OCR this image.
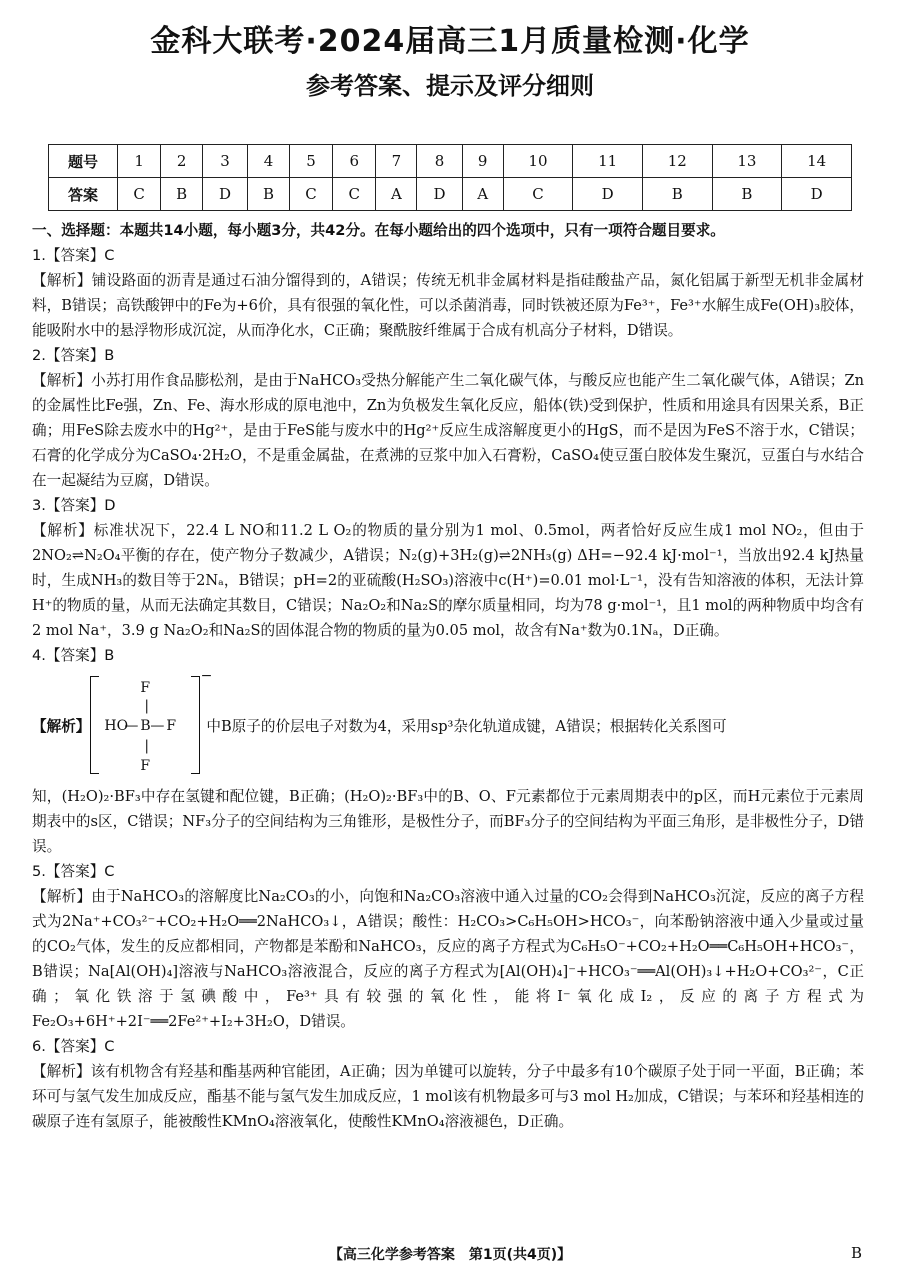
金科大联考·2024届高三1月质量检测·化学
参考答案、提示及评分细则
题号	1	2	3	4	5	6	7	8	9	10	11	12	13	14
答案	C	B	D	B	C	C	A	D	A	C	D	B	B	D

一、选择题：本题共14小题，每小题3分，共42分。在每小题给出的四个选项中，只有一项符合题目要求。

1.【答案】C

【解析】铺设路面的沥青是通过石油分馏得到的，A错误；传统无机非金属材料是指硅酸盐产品，氮化铝属于新型无机非金属材料，B错误；高铁酸钾中的Fe为+6价，具有很强的氧化性，可以杀菌消毒，同时铁被还原为Fe³⁺，Fe³⁺水解生成Fe(OH)₃胶体，能吸附水中的悬浮物形成沉淀，从而净化水，C正确；聚酰胺纤维属于合成有机高分子材料，D错误。

2.【答案】B

【解析】小苏打用作食品膨松剂，是由于NaHCO₃受热分解能产生二氧化碳气体，与酸反应也能产生二氧化碳气体，A错误；Zn的金属性比Fe强，Zn、Fe、海水形成的原电池中，Zn为负极发生氧化反应，船体(铁)受到保护，性质和用途具有因果关系，B正确；用FeS除去废水中的Hg²⁺，是由于FeS能与废水中的Hg²⁺反应生成溶解度更小的HgS，而不是因为FeS不溶于水，C错误；石膏的化学成分为CaSO₄·2H₂O，不是重金属盐，在煮沸的豆浆中加入石膏粉，CaSO₄使豆蛋白胶体发生聚沉，豆蛋白与水结合在一起凝结为豆腐，D错误。

3.【答案】D

【解析】标准状况下，22.4 L NO和11.2 L O₂的物质的量分别为1 mol、0.5mol，两者恰好反应生成1 mol NO₂，但由于2NO₂⇌N₂O₄平衡的存在，使产物分子数减少，A错误；N₂(g)+3H₂(g)⇌2NH₃(g) ΔH=−92.4 kJ·mol⁻¹，当放出92.4 kJ热量时，生成NH₃的数目等于2Nₐ，B错误；pH=2的亚硫酸(H₂SO₃)溶液中c(H⁺)=0.01 mol·L⁻¹，没有告知溶液的体积，无法计算H⁺的物质的量，从而无法确定其数目，C错误；Na₂O₂和Na₂S的摩尔质量相同，均为78 g·mol⁻¹，且1 mol的两种物质中均含有2 mol Na⁺，3.9 g Na₂O₂和Na₂S的固体混合物的物质的量为0.05 mol，故含有Na⁺数为0.1Nₐ，D正确。

4.【答案】B

【解析】
F
|
HO
— B — F
|
F
−
中B原子的价层电子对数为4，采用sp³杂化轨道成键，A错误；根据转化关系图可

知，(H₂O)₂·BF₃中存在氢键和配位键，B正确；(H₂O)₂·BF₃中的B、O、F元素都位于元素周期表中的p区，而H元素位于元素周期表中的s区，C错误；NF₃分子的空间结构为三角锥形，是极性分子，而BF₃分子的空间结构为平面三角形，是非极性分子，D错误。

5.【答案】C

【解析】由于NaHCO₃的溶解度比Na₂CO₃的小，向饱和Na₂CO₃溶液中通入过量的CO₂会得到NaHCO₃沉淀，反应的离子方程式为2Na⁺+CO₃²⁻+CO₂+H₂O══2NaHCO₃↓，A错误；酸性：H₂CO₃>C₆H₅OH>HCO₃⁻，向苯酚钠溶液中通入少量或过量的CO₂气体，发生的反应都相同，产物都是苯酚和NaHCO₃，反应的离子方程式为C₆H₅O⁻+CO₂+H₂O══C₆H₅OH+HCO₃⁻，B错误；Na[Al(OH)₄]溶液与NaHCO₃溶液混合，反应的离子方程式为[Al(OH)₄]⁻+HCO₃⁻══Al(OH)₃↓+H₂O+CO₃²⁻，C正确；氧化铁溶于氢碘酸中，Fe³⁺具有较强的氧化性，能将I⁻氧化成I₂，反应的离子方程式为Fe₂O₃+6H⁺+2I⁻══2Fe²⁺+I₂+3H₂O，D错误。

6.【答案】C

【解析】该有机物含有羟基和酯基两种官能团，A正确；因为单键可以旋转，分子中最多有10个碳原子处于同一平面，B正确；苯环可与氢气发生加成反应，酯基不能与氢气发生加成反应，1 mol该有机物最多可与3 mol H₂加成，C错误；与苯环和羟基相连的碳原子连有氢原子，能被酸性KMnO₄溶液氧化，使酸性KMnO₄溶液褪色，D正确。

【高三化学参考答案　第1页(共4页)】	B
